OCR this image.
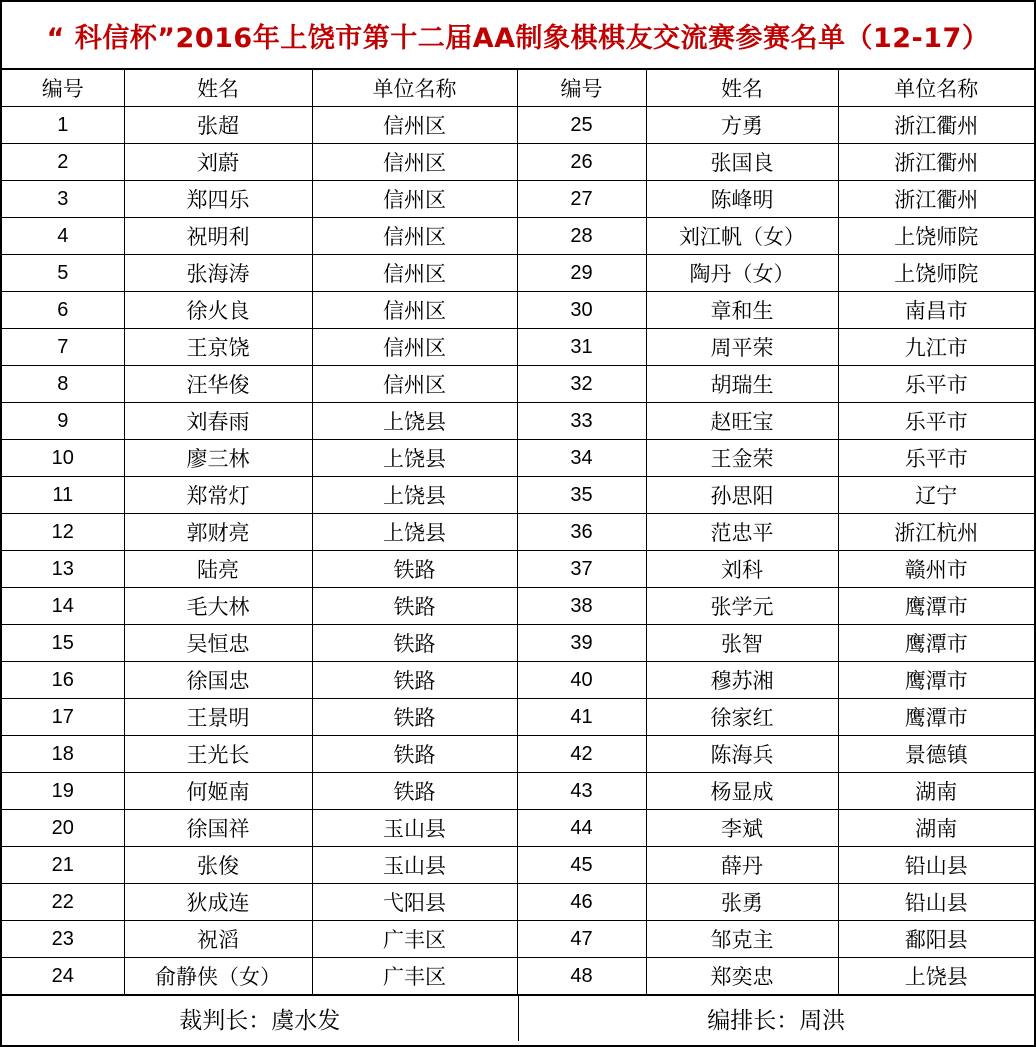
“ 科信杯”2016年上饶市第十二届AA制象棋棋友交流赛参赛名单（12-17）
编号	姓名	单位名称	编号	姓名	单位名称
1	张超	信州区	25	方勇	浙江衢州
2	刘蔚	信州区	26	张国良	浙江衢州
3	郑四乐	信州区	27	陈峰明	浙江衢州
4	祝明利	信州区	28	刘江帆（女）	上饶师院
5	张海涛	信州区	29	陶丹（女）	上饶师院
6	徐火良	信州区	30	章和生	南昌市
7	王京饶	信州区	31	周平荣	九江市
8	汪华俊	信州区	32	胡瑞生	乐平市
9	刘春雨	上饶县	33	赵旺宝	乐平市
10	廖三林	上饶县	34	王金荣	乐平市
11	郑常灯	上饶县	35	孙思阳	辽宁
12	郭财亮	上饶县	36	范忠平	浙江杭州
13	陆亮	铁路	37	刘科	赣州市
14	毛大林	铁路	38	张学元	鹰潭市
15	吴恒忠	铁路	39	张智	鹰潭市
16	徐国忠	铁路	40	穆苏湘	鹰潭市
17	王景明	铁路	41	徐家红	鹰潭市
18	王光长	铁路	42	陈海兵	景德镇
19	何姬南	铁路	43	杨显成	湖南
20	徐国祥	玉山县	44	李斌	湖南
21	张俊	玉山县	45	薛丹	铅山县
22	狄成连	弋阳县	46	张勇	铅山县
23	祝滔	广丰区	47	邹克主	鄱阳县
24	俞静侠（女）	广丰区	48	郑奕忠	上饶县
裁判长：虞水发	编排长：周洪
